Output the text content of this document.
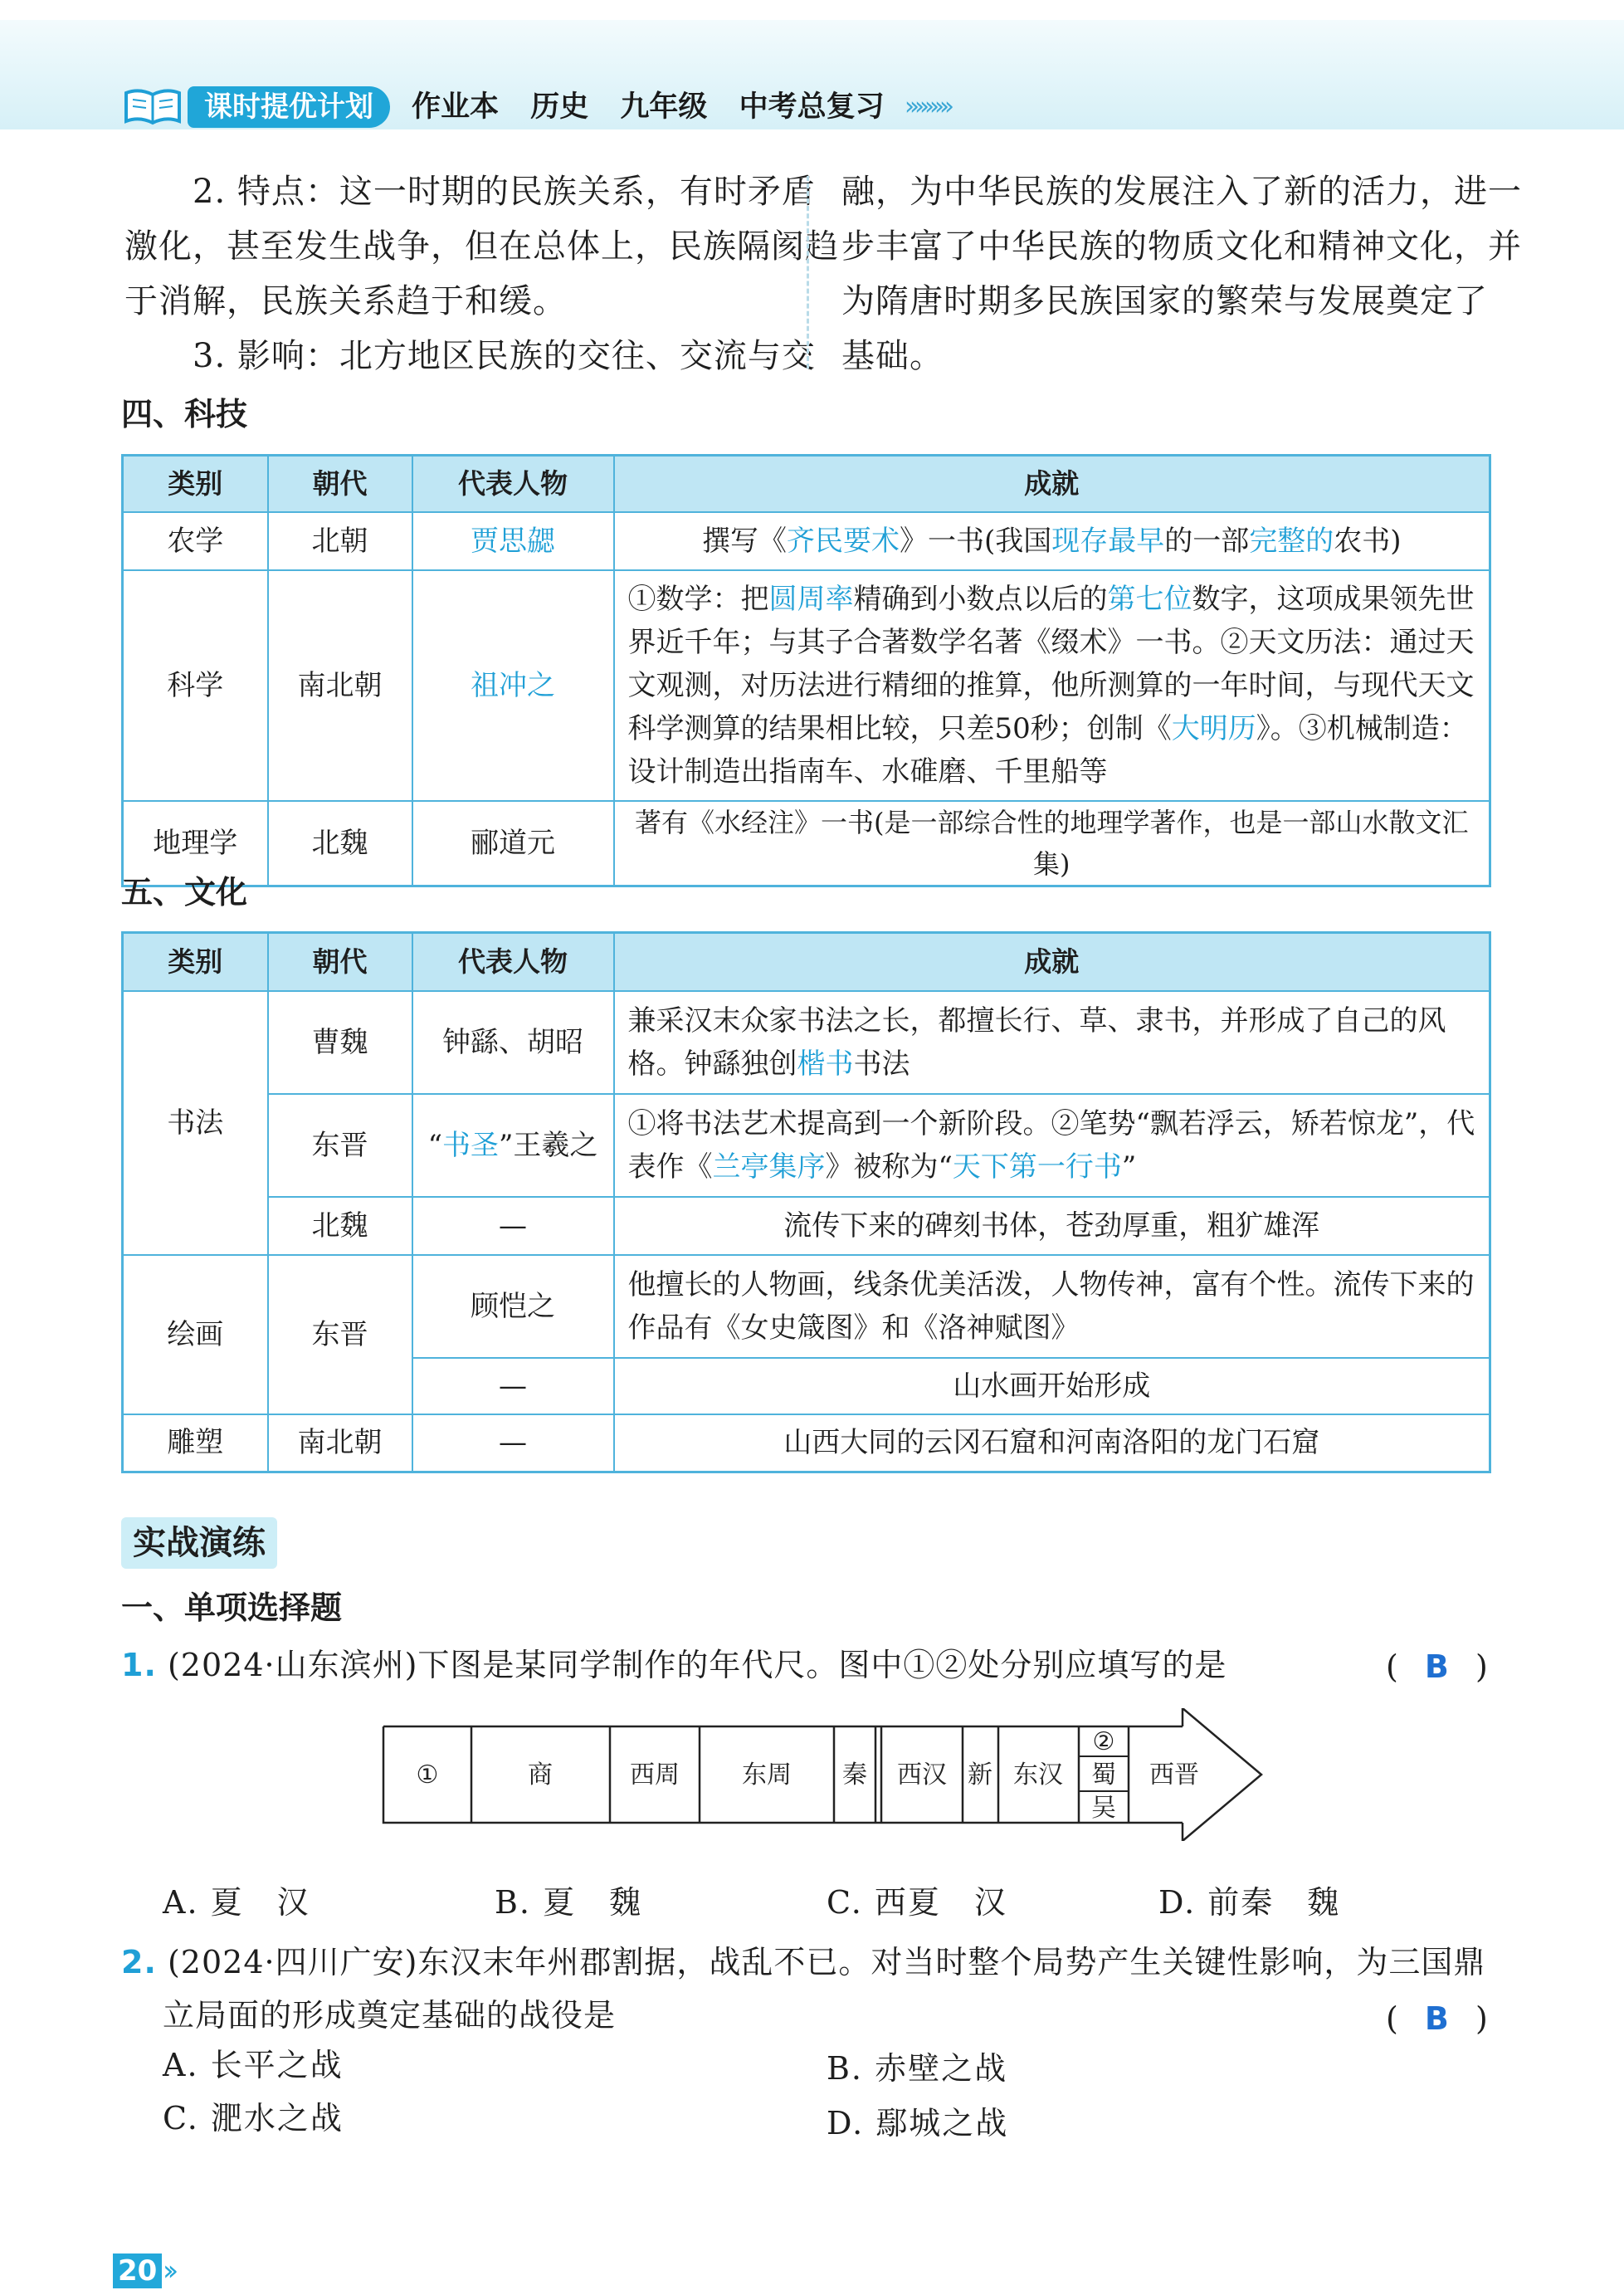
课时提优计划	作业本 历史 九年级 中考总复习 ›››››››››
2. 特点：这一时期的民族关系，有时矛盾
激化，甚至发生战争，但在总体上，民族隔阂趋
于消解，民族关系趋于和缓。
3. 影响：北方地区民族的交往、交流与交
融，为中华民族的发展注入了新的活力，进一
步丰富了中华民族的物质文化和精神文化，并
为隋唐时期多民族国家的繁荣与发展奠定了
基础。
四、科技
类别	朝代	代表人物	成就
农学	北朝	贾思勰	撰写《齐民要术》一书(我国现存最早的一部完整的农书)
科学	南北朝	祖冲之	①数学：把圆周率精确到小数点以后的第七位数字，这项成果领先世界近千年；与其子合著数学名著《缀术》一书。②天文历法：通过天文观测，对历法进行精细的推算，他所测算的一年时间，与现代天文科学测算的结果相比较，只差50秒；创制《大明历》。③机械制造：设计制造出指南车、水碓磨、千里船等
地理学	北魏	郦道元	著有《水经注》一书(是一部综合性的地理学著作，也是一部山水散文汇集)
五、文化
类别	朝代	代表人物	成就
书法	曹魏	钟繇、胡昭	兼采汉末众家书法之长，都擅长行、草、隶书，并形成了自己的风格。钟繇独创楷书书法
	东晋	“书圣”王羲之	①将书法艺术提高到一个新阶段。②笔势“飘若浮云，矫若惊龙”，代表作《兰亭集序》被称为“天下第一行书”
	北魏	—	流传下来的碑刻书体，苍劲厚重，粗犷雄浑
绘画	东晋	顾恺之	他擅长的人物画，线条优美活泼，人物传神，富有个性。流传下来的作品有《女史箴图》和《洛神赋图》
		—	山水画开始形成
雕塑	南北朝	—	山西大同的云冈石窟和河南洛阳的龙门石窟
实战演练
一、单项选择题
1. (2024·山东滨州)下图是某同学制作的年代尺。图中①②处分别应填写的是	( B )
①	商	西周	东周 秦 西汉 新 东汉
②
蜀
吴
西晋
A. 夏　汉	B. 夏　魏	C. 西夏　汉	D. 前秦　魏
2. (2024·四川广安)东汉末年州郡割据，战乱不已。对当时整个局势产生关键性影响，为三国鼎
立局面的形成奠定基础的战役是	( B )
A. 长平之战	B. 赤壁之战
C. 淝水之战	D. 鄢城之战
20 ››
